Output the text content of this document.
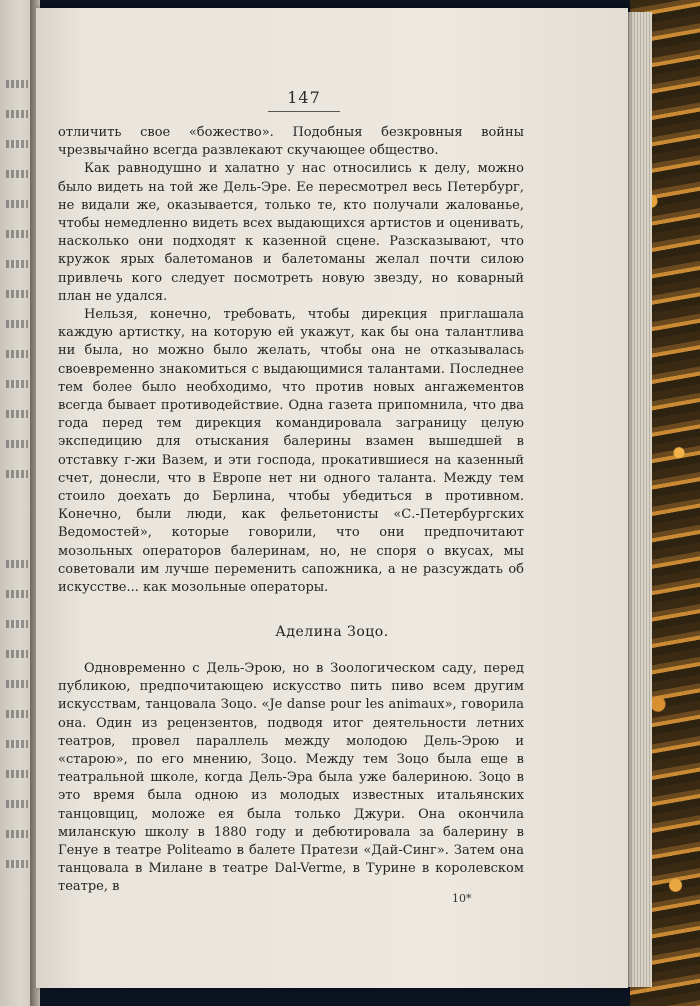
147

отличить свое «божество». Подобныя безкровныя войны чрезвычайно всегда развлекают скучающее общество.

Как равнодушно и халатно у нас относились к делу, можно было видеть на той же Дель-Эре. Ее пересмотрел весь Петербург, не видали же, оказывается, только те, кто получали жалованье, чтобы немедленно видеть всех выдающихся артистов и оценивать, насколько они подходят к казенной сцене. Разсказывают, что кружок ярых балетоманов и балетоманы желал почти силою привлечь кого следует посмотреть новую звезду, но коварный план не удался.

Нельзя, конечно, требовать, чтобы дирекция приглашала каждую артистку, на которую ей укажут, как бы она талантлива ни была, но можно было желать, чтобы она не отказывалась своевременно знакомиться с выдающимися талантами. Последнее тем более было необходимо, что против новых ангажементов всегда бывает противодействие. Одна газета припомнила, что два года перед тем дирекция командировала заграницу целую экспедицию для отыскания балерины взамен вышедшей в отставку г-жи Вазем, и эти господа, прокатившиеся на казенный счет, донесли, что в Европе нет ни одного таланта. Между тем стоило доехать до Берлина, чтобы убедиться в противном. Конечно, были люди, как фельетонисты «С.-Петербургских Ведомостей», которые говорили, что они предпочитают мозольных операторов балеринам, но, не споря о вкусах, мы советовали им лучше переменить сапожника, а не разсуждать об искусстве... как мозольные операторы.

Аделина Зоцо.

Одновременно с Дель-Эрою, но в Зоологическом саду, перед публикою, предпочитающею искусство пить пиво всем другим искусствам, танцовала Зоцо. «Je danse pour les animaux», говорила она. Один из рецензентов, подводя итог деятельности летних театров, провел параллель между молодою Дель-Эрою и «старою», по его мнению, Зоцо. Между тем Зоцо была еще в театральной школе, когда Дель-Эра была уже балериною. Зоцо в это время была одною из молодых известных итальянских танцовщиц, моложе ея была только Джури. Она окончила миланскую школу в 1880 году и дебютировала за балерину в Генуе в театре Politeamo в балете Пратези «Дай-Синг». Затем она танцовала в Милане в театре Dal-Verme, в Турине в королевском театре, в

10*
